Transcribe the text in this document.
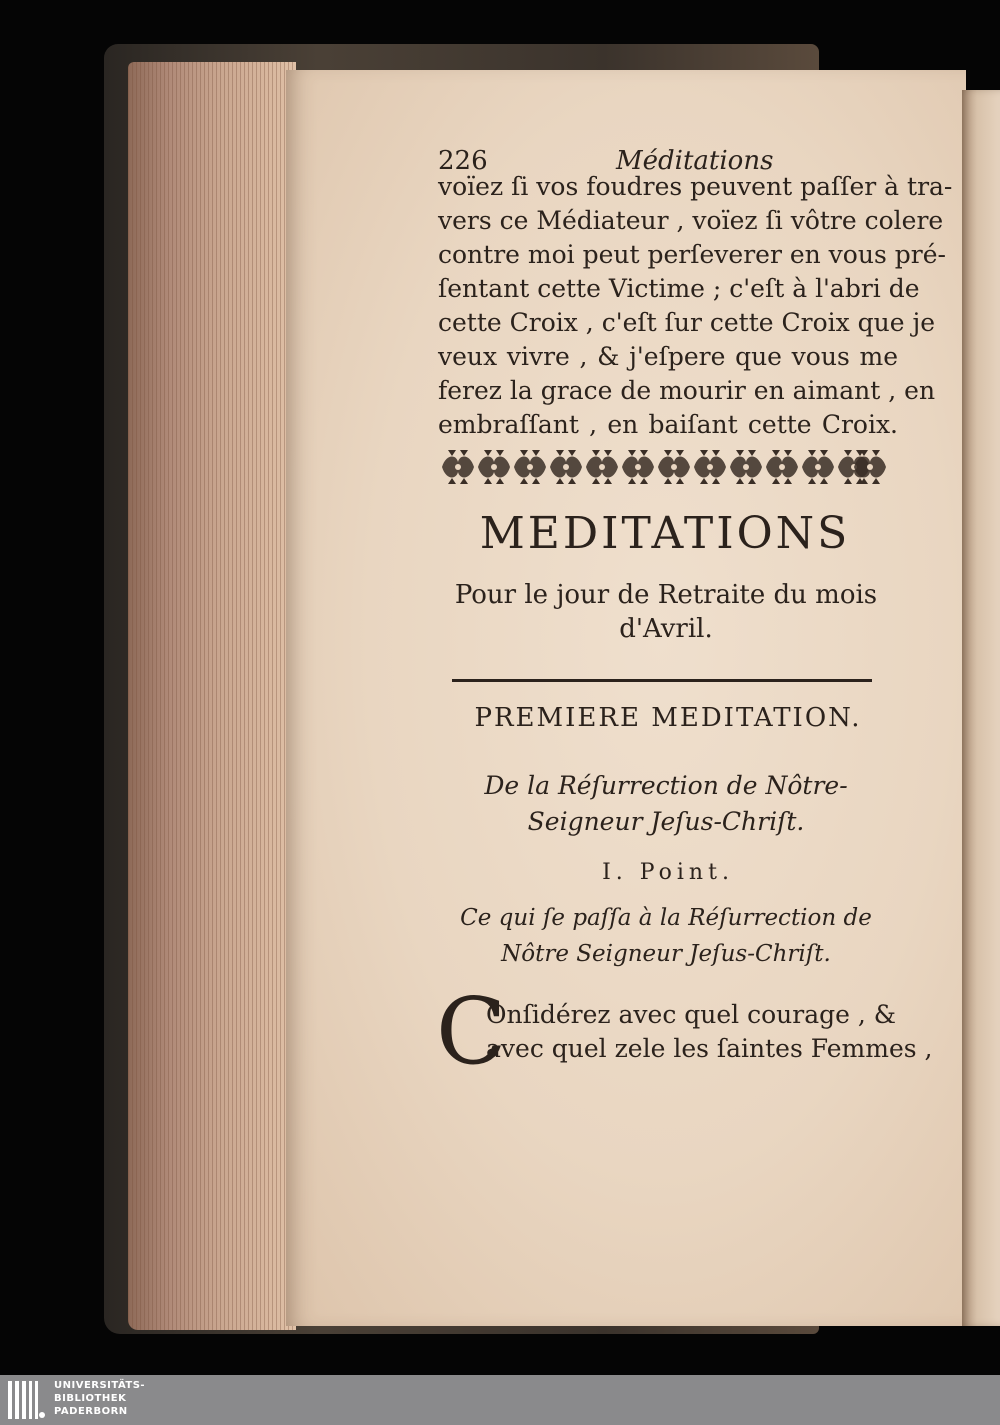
226	Méditations
voïez ſi vos foudres peuvent paſſer à tra-
vers ce Médiateur , voïez ſi vôtre colere
contre moi peut perſeverer en vous pré-
ſentant cette Victime ; c'eſt à l'abri de
cette Croix , c'eſt ſur cette Croix que je
veux vivre , & j'eſpere que vous me
ferez la grace de mourir en aimant , en
embraſſant , en baiſant cette Croix.
MEDITATIONS
Pour le jour de Retraite du mois d'Avril.
PREMIERE MEDITATION.
De la Réſurrection de Nôtre-Seigneur Jeſus-Chriſt.
I. Point.
Ce qui ſe paſſa à la Réſurrection de Nôtre Seigneur Jeſus-Chriſt.
C
Onſidérez avec quel courage , &
avec quel zele les ſaintes Femmes ,
UNIVERSITÄTS-
BIBLIOTHEK
PADERBORN
